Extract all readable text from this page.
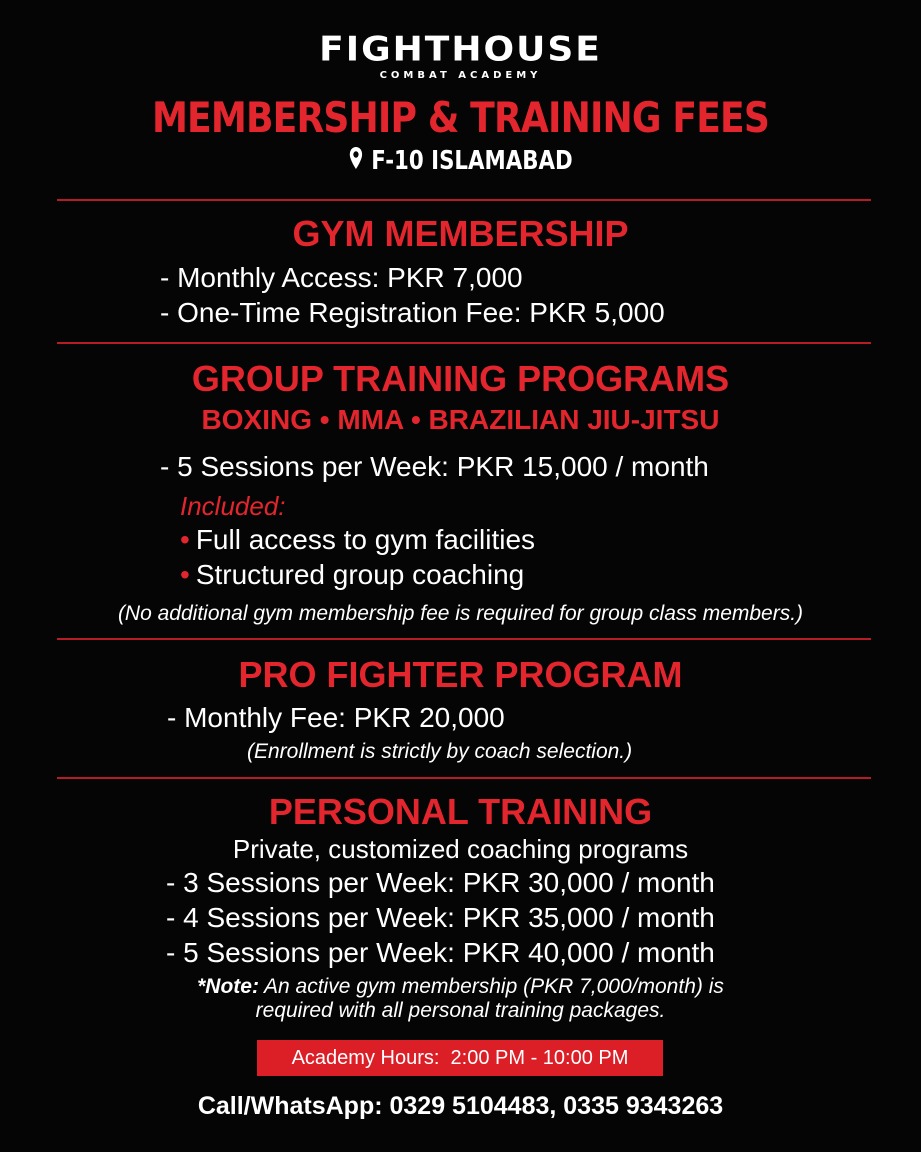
FIGHTHOUSE
COMBAT ACADEMY
MEMBERSHIP & TRAINING FEES
F-10 ISLAMABAD
GYM MEMBERSHIP
- Monthly Access: PKR 7,000
- One-Time Registration Fee: PKR 5,000
GROUP TRAINING PROGRAMS
BOXING • MMA • BRAZILIAN JIU-JITSU
- 5 Sessions per Week: PKR 15,000 / month
Included:
• Full access to gym facilities
• Structured group coaching
(No additional gym membership fee is required for group class members.)
PRO FIGHTER PROGRAM
- Monthly Fee: PKR 20,000
(Enrollment is strictly by coach selection.)
PERSONAL TRAINING
Private, customized coaching programs
- 3 Sessions per Week: PKR 30,000 / month
- 4 Sessions per Week: PKR 35,000 / month
- 5 Sessions per Week: PKR 40,000 / month
*Note: An active gym membership (PKR 7,000/month) is
required with all personal training packages.
Academy Hours: 2:00 PM - 10:00 PM
Call/WhatsApp: 0329 5104483, 0335 9343263
